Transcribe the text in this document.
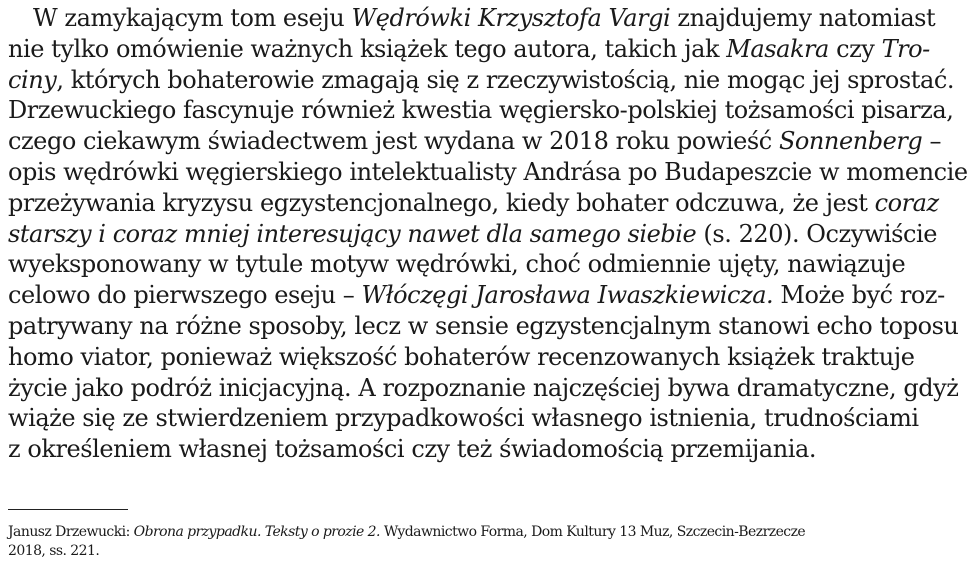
W zamykającym tom eseju Wędrówki Krzysztofa Vargi znajdujemy natomiast
nie tylko omówienie ważnych książek tego autora, takich jak Masakra czy Tro-
ciny, których bohaterowie zmagają się z rzeczywistością, nie mogąc jej sprostać.
Drzewuckiego fascynuje również kwestia węgiersko-polskiej tożsamości pisarza,
czego ciekawym świadectwem jest wydana w 2018 roku powieść Sonnenberg –
opis wędrówki węgierskiego intelektualisty Andrása po Budapeszcie w momencie
przeżywania kryzysu egzystencjonalnego, kiedy bohater odczuwa, że jest coraz
starszy i coraz mniej interesujący nawet dla samego siebie (s. 220). Oczywiście
wyeksponowany w tytule motyw wędrówki, choć odmiennie ujęty, nawiązuje
celowo do pierwszego eseju – Włóczęgi Jarosława Iwaszkiewicza. Może być roz-
patrywany na różne sposoby, lecz w sensie egzystencjalnym stanowi echo toposu
homo viator, ponieważ większość bohaterów recenzowanych książek traktuje
życie jako podróż inicjacyjną. A rozpoznanie najczęściej bywa dramatyczne, gdyż
wiąże się ze stwierdzeniem przypadkowości własnego istnienia, trudnościami
z określeniem własnej tożsamości czy też świadomością przemijania.
Janusz Drzewucki: Obrona przypadku. Teksty o prozie 2. Wydawnictwo Forma, Dom Kultury 13 Muz, Szczecin-Bezrzecze
2018, ss. 221.
